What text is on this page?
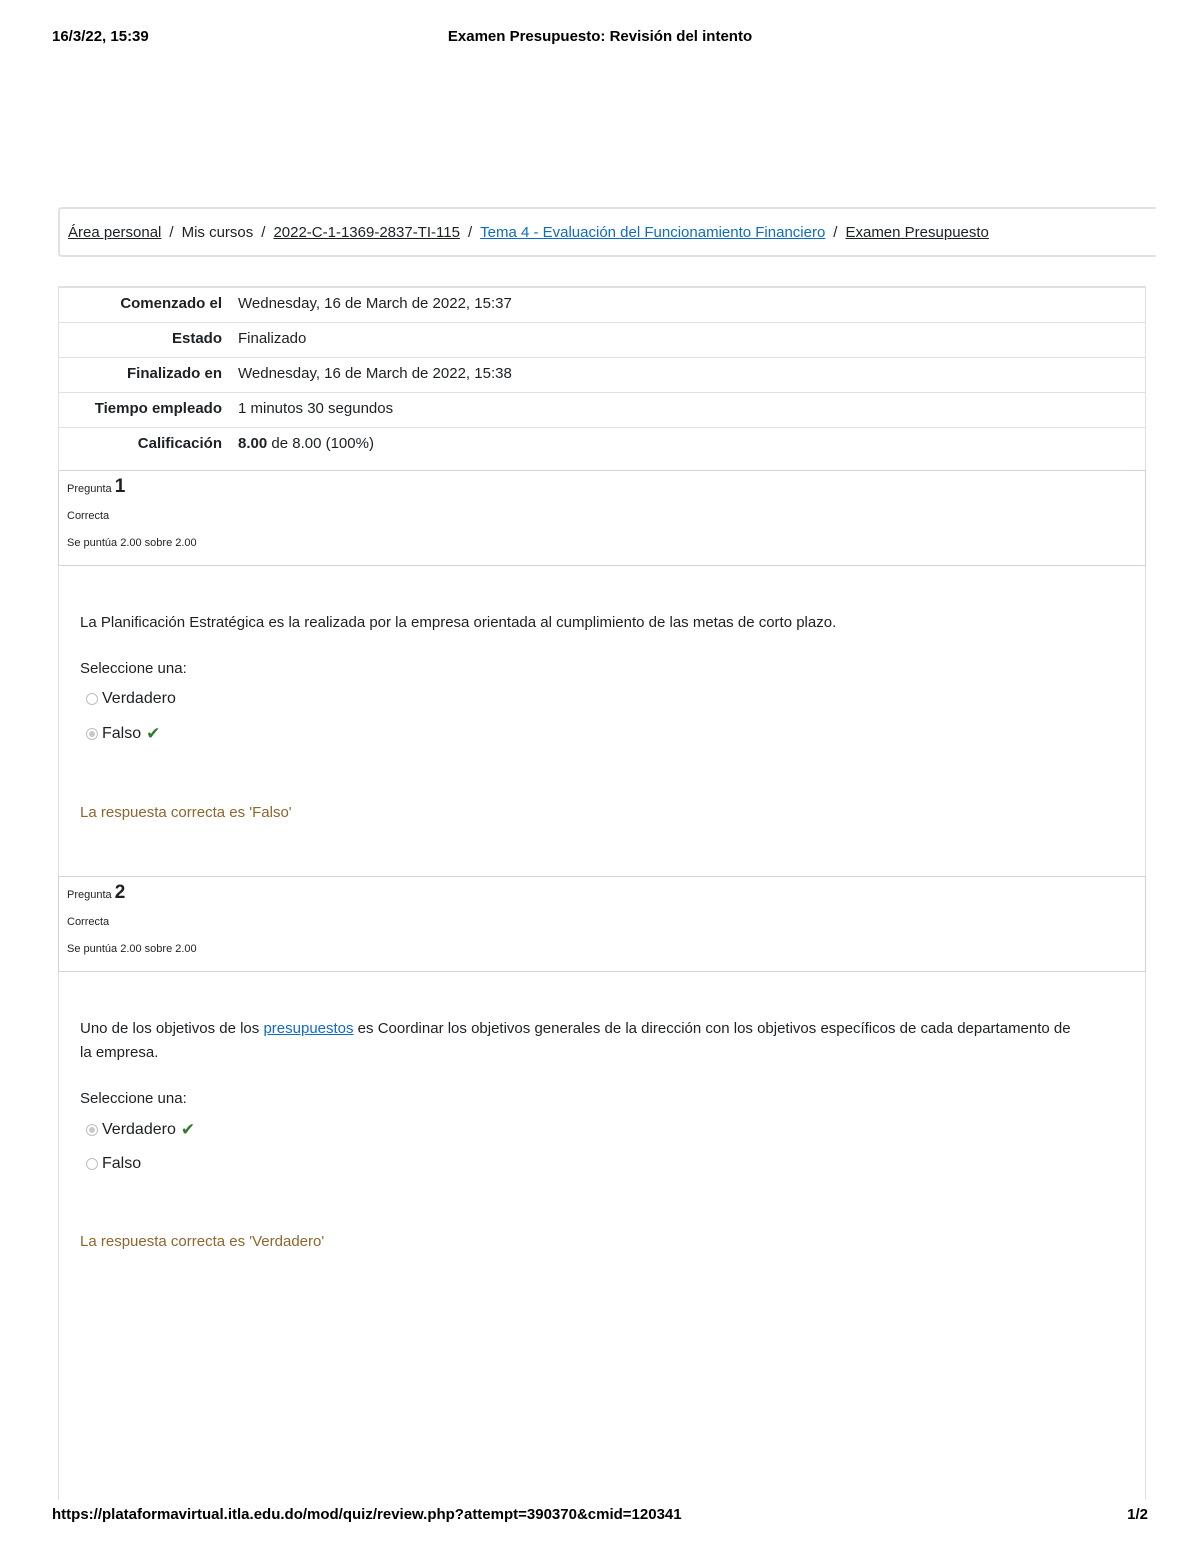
16/3/22, 15:39	Examen Presupuesto: Revisión del intento
Área personal / Mis cursos / 2022-C-1-1369-2837-TI-115 / Tema 4 - Evaluación del Funcionamiento Financiero / Examen Presupuesto
Comenzado el	Wednesday, 16 de March de 2022, 15:37
Estado	Finalizado
Finalizado en	Wednesday, 16 de March de 2022, 15:38
Tiempo empleado	1 minutos 30 segundos
Calificación	8.00 de 8.00 (100%)
Pregunta 1
Correcta
Se puntúa 2.00 sobre 2.00
La Planificación Estratégica es la realizada por la empresa orientada al cumplimiento de las metas de corto plazo.
Seleccione una:
Verdadero
Falso ✔
La respuesta correcta es 'Falso'
Pregunta 2
Correcta
Se puntúa 2.00 sobre 2.00
Uno de los objetivos de los presupuestos es Coordinar los objetivos generales de la dirección con los objetivos específicos de cada departamento de la empresa.
Seleccione una:
Verdadero ✔
Falso
La respuesta correcta es 'Verdadero'
https://plataformavirtual.itla.edu.do/mod/quiz/review.php?attempt=390370&cmid=120341	1/2
